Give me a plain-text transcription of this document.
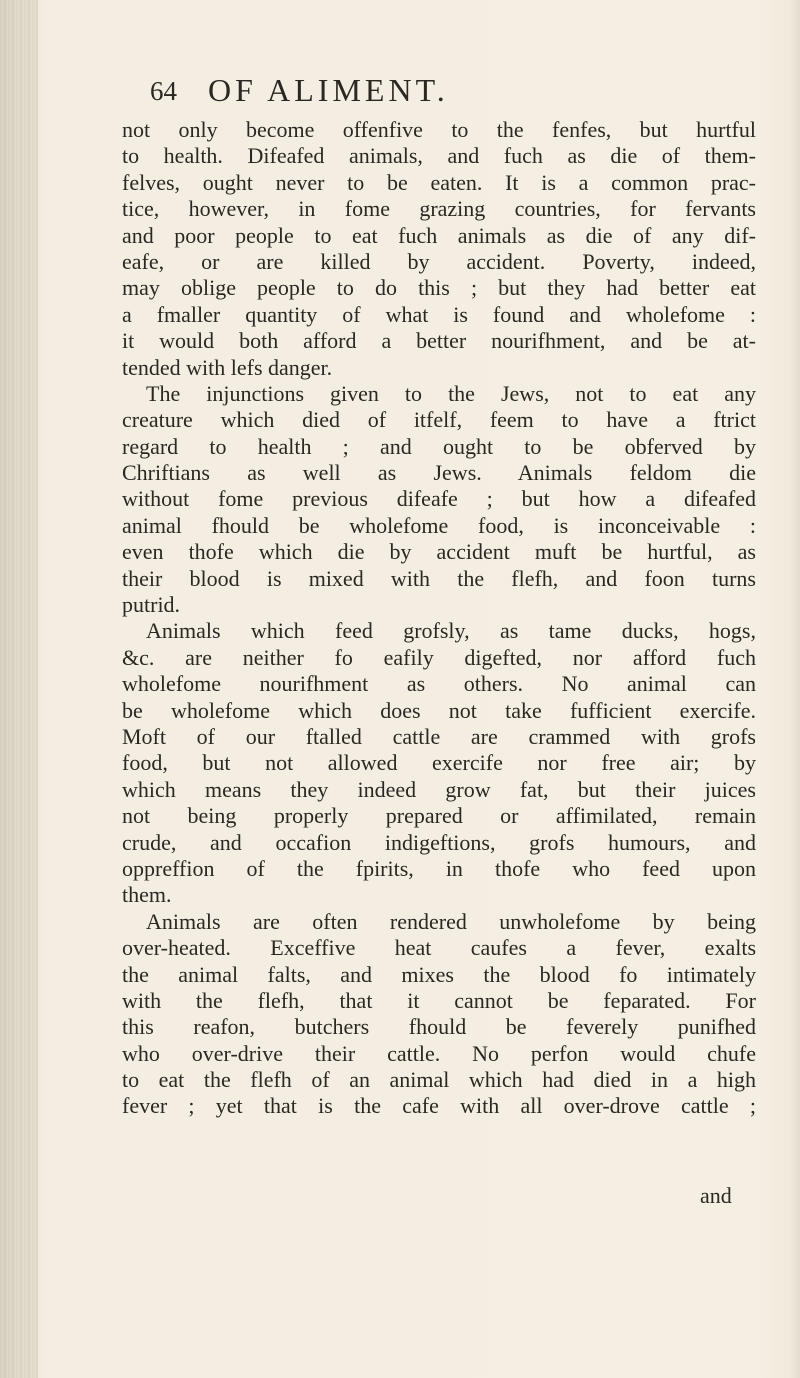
64 OF ALIMENT.
not only become offenfive to the fenfes, but hurtful
to health. Difeafed animals, and fuch as die of them-
felves, ought never to be eaten. It is a common prac-
tice, however, in fome grazing countries, for fervants
and poor people to eat fuch animals as die of any dif-
eafe, or are killed by accident. Poverty, indeed,
may oblige people to do this ; but they had better eat
a fmaller quantity of what is found and wholefome :
it would both afford a better nourifhment, and be at-
tended with lefs danger.
The injunctions given to the Jews, not to eat any
creature which died of itfelf, feem to have a ftrict
regard to health ; and ought to be obferved by
Chriftians as well as Jews. Animals feldom die
without fome previous difeafe ; but how a difeafed
animal fhould be wholefome food, is inconceivable :
even thofe which die by accident muft be hurtful, as
their blood is mixed with the flefh, and foon turns
putrid.
Animals which feed grofsly, as tame ducks, hogs,
&c. are neither fo eafily digefted, nor afford fuch
wholefome nourifhment as others. No animal can
be wholefome which does not take fufficient exercife.
Moft of our ftalled cattle are crammed with grofs
food, but not allowed exercife nor free air; by
which means they indeed grow fat, but their juices
not being properly prepared or affimilated, remain
crude, and occafion indigeftions, grofs humours, and
oppreffion of the fpirits, in thofe who feed upon
them.
Animals are often rendered unwholefome by being
over-heated. Exceffive heat caufes a fever, exalts
the animal falts, and mixes the blood fo intimately
with the flefh, that it cannot be feparated. For
this reafon, butchers fhould be feverely punifhed
who over-drive their cattle. No perfon would chufe
to eat the flefh of an animal which had died in a high
fever ; yet that is the cafe with all over-drove cattle ;
and
